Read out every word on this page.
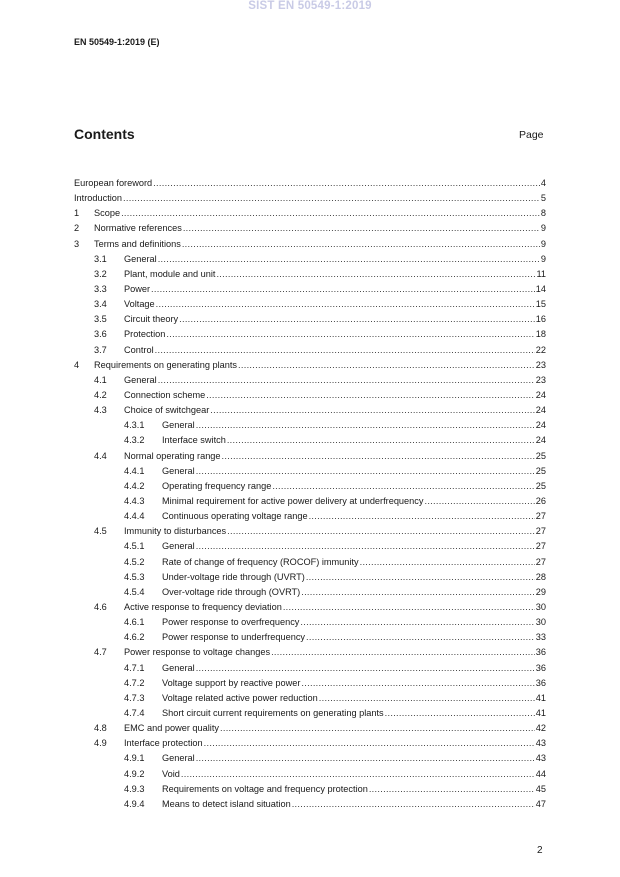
SIST EN 50549-1:2019
EN 50549-1:2019 (E)
Contents	Page
European foreword .....	4
Introduction .....	5
1	Scope .....	8
2	Normative references .....	9
3	Terms and definitions .....	9
3.1	General .....	9
3.2	Plant, module and unit .....	11
3.3	Power .....	14
3.4	Voltage .....	15
3.5	Circuit theory .....	16
3.6	Protection .....	18
3.7	Control .....	22
4	Requirements on generating plants .....	23
4.1	General .....	23
4.2	Connection scheme .....	24
4.3	Choice of switchgear .....	24
4.3.1	General .....	24
4.3.2	Interface switch .....	24
4.4	Normal operating range .....	25
4.4.1	General .....	25
4.4.2	Operating frequency range .....	25
4.4.3	Minimal requirement for active power delivery at underfrequency .....	26
4.4.4	Continuous operating voltage range .....	27
4.5	Immunity to disturbances .....	27
4.5.1	General .....	27
4.5.2	Rate of change of frequency (ROCOF) immunity .....	27
4.5.3	Under-voltage ride through (UVRT) .....	28
4.5.4	Over-voltage ride through (OVRT) .....	29
4.6	Active response to frequency deviation .....	30
4.6.1	Power response to overfrequency .....	30
4.6.2	Power response to underfrequency .....	33
4.7	Power response to voltage changes .....	36
4.7.1	General .....	36
4.7.2	Voltage support by reactive power .....	36
4.7.3	Voltage related active power reduction .....	41
4.7.4	Short circuit current requirements on generating plants .....	41
4.8	EMC and power quality .....	42
4.9	Interface protection .....	43
4.9.1	General .....	43
4.9.2	Void .....	44
4.9.3	Requirements on voltage and frequency protection .....	45
4.9.4	Means to detect island situation .....	47
2
